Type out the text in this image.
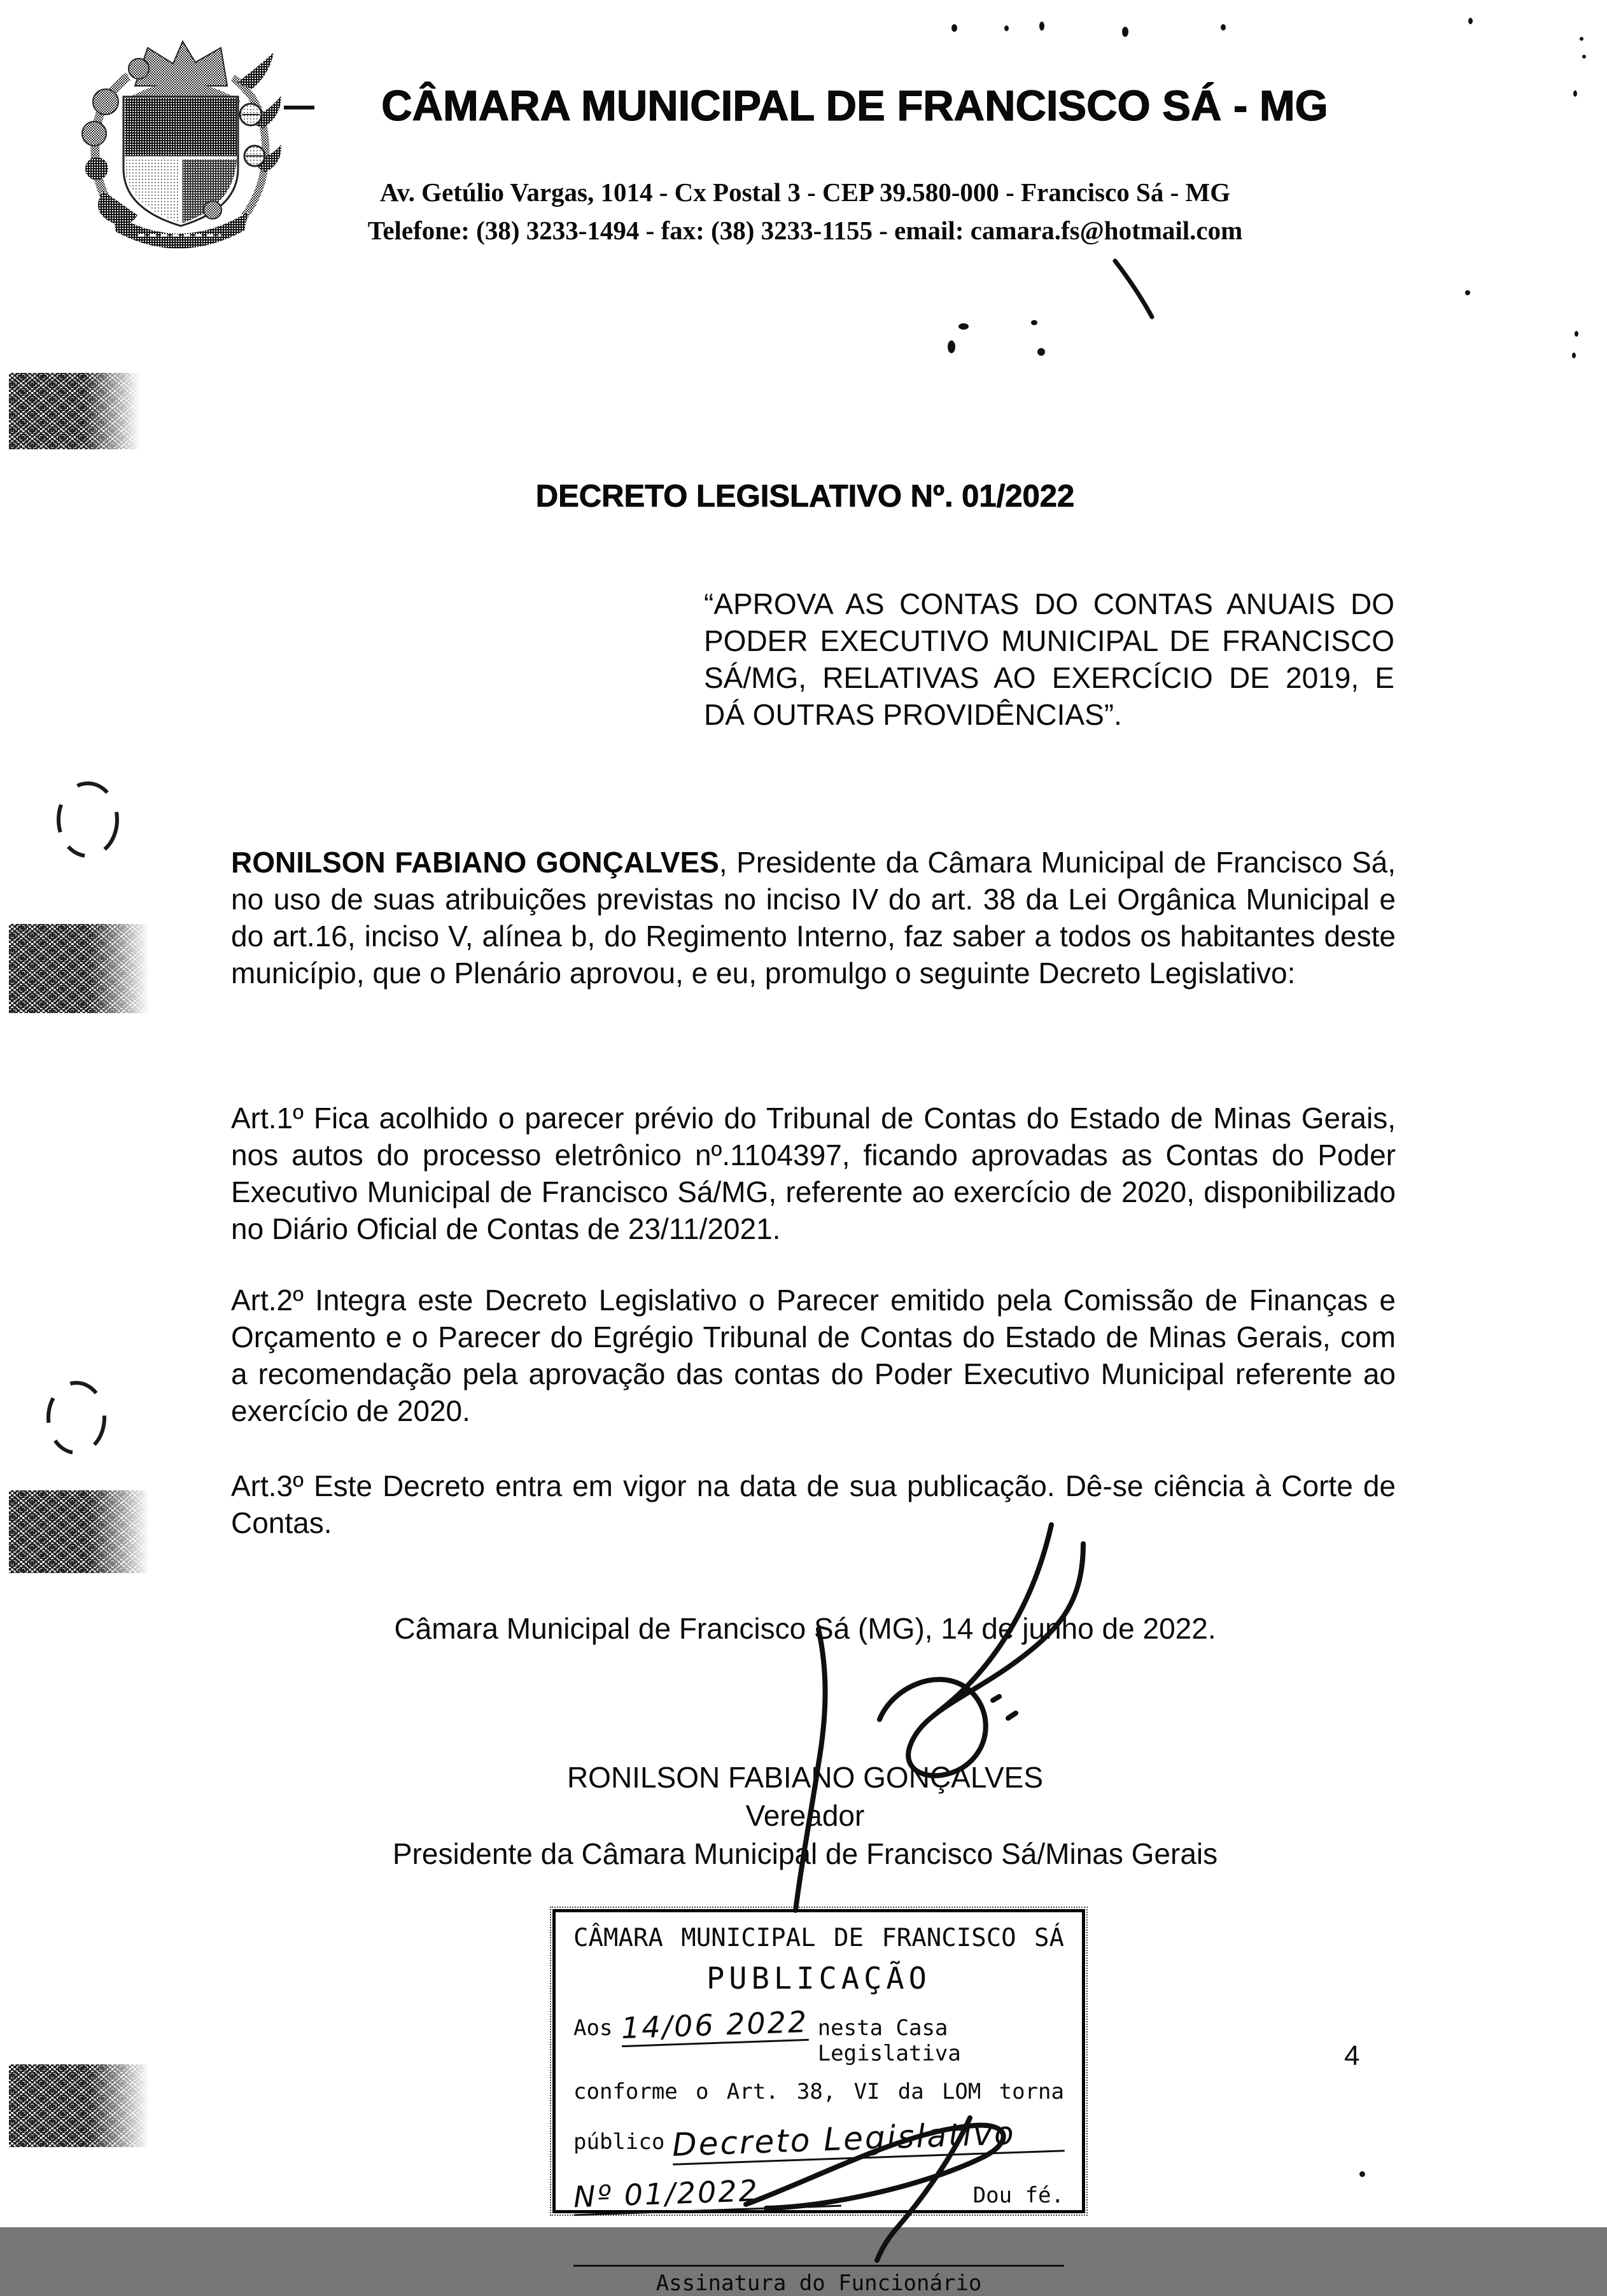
CÂMARA MUNICIPAL DE FRANCISCO SÁ - MG
Av. Getúlio Vargas, 1014 - Cx Postal 3 - CEP 39.580-000 - Francisco Sá - MG
Telefone: (38) 3233-1494 - fax: (38) 3233-1155 - email: camara.fs@hotmail.com
DECRETO LEGISLATIVO Nº. 01/2022
“APROVA AS CONTAS DO CONTAS ANUAIS DO PODER EXECUTIVO MUNICIPAL DE FRANCISCO SÁ/MG, RELATIVAS AO EXERCÍCIO DE 2019, E DÁ OUTRAS PROVIDÊNCIAS”.
RONILSON FABIANO GONÇALVES, Presidente da Câmara Municipal de Francisco Sá, no uso de suas atribuições previstas no inciso IV do art. 38 da Lei Orgânica Municipal e do art.16, inciso V, alínea b, do Regimento Interno, faz saber a todos os habitantes deste município, que o Plenário aprovou, e eu, promulgo o seguinte Decreto Legislativo:
Art.1º Fica acolhido o parecer prévio do Tribunal de Contas do Estado de Minas Gerais, nos autos do processo eletrônico nº.1104397, ficando aprovadas as Contas do Poder Executivo Municipal de Francisco Sá/MG, referente ao exercício de 2020, disponibilizado no Diário Oficial de Contas de 23/11/2021.
Art.2º Integra este Decreto Legislativo o Parecer emitido pela Comissão de Finanças e Orçamento e o Parecer do Egrégio Tribunal de Contas do Estado de Minas Gerais, com a recomendação pela aprovação das contas do Poder Executivo Municipal referente ao exercício de 2020.
Art.3º Este Decreto entra em vigor na data de sua publicação. Dê-se ciência à Corte de Contas.
Câmara Municipal de Francisco Sá (MG), 14 de junho de 2022.
RONILSON FABIANO GONÇALVES
Vereador
Presidente da Câmara Municipal de Francisco Sá/Minas Gerais
CÂMARA MUNICIPAL DE FRANCISCO SÁ
PUBLICAÇÃO
Aos 14/06 2022 nesta Casa Legislativa
conforme o Art. 38, VI da LOM torna
público Decreto Legislativo
Nº 01/2022	Dou fé.
Assinatura do Funcionário
4
